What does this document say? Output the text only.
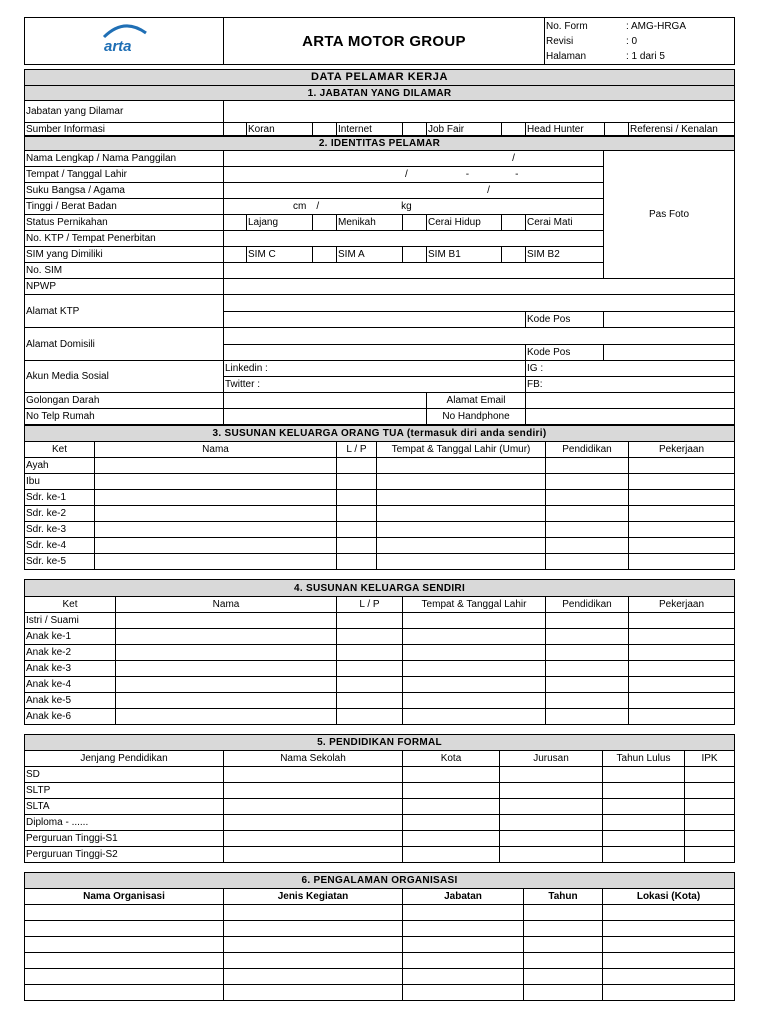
arta	ARTA MOTOR GROUP	
No. Form	: AMG-HRGA
Revisi	: 0
Halaman	: 1 dari 5
DATA PELAMAR KERJA										
1. JABATAN YANG DILAMAR										
Jabatan yang Dilamar										
Sumber Informasi		Koran		Internet		Job Fair		Head Hunter		Referensi / Kenalan
2. IDENTITAS PELAMAR									
Nama Lengkap / Nama Panggilan	/								Pas Foto
Tempat / Tanggal Lahir	/ - -								
Suku Bangsa / Agama	/								
Tinggi / Berat Badan	cm / kg								
Status Pernikahan		Lajang		Menikah		Cerai Hidup		Cerai Mati	
No. KTP / Tempat Penerbitan									
SIM yang Dimiliki		SIM C		SIM A		SIM B1		SIM B2	
No. SIM									
NPWP									
Alamat KTP									
								Kode Pos	
Alamat Domisili									
								Kode Pos	
Akun Media Sosial	Linkedin :							IG :	
	Twitter :							FB:	
Golongan Darah						Alamat Email			
No Telp Rumah						No Handphone			
3. SUSUNAN KELUARGA ORANG TUA (termasuk diri anda sendiri)					
Ket	Nama	L / P	Tempat & Tanggal Lahir (Umur)	Pendidikan	Pekerjaan
Ayah					
Ibu					
Sdr. ke-1					
Sdr. ke-2					
Sdr. ke-3					
Sdr. ke-4					
Sdr. ke-5					
4. SUSUNAN KELUARGA SENDIRI					
Ket	Nama	L / P	Tempat & Tanggal Lahir	Pendidikan	Pekerjaan
Istri / Suami					
Anak ke-1					
Anak ke-2					
Anak ke-3					
Anak ke-4					
Anak ke-5					
Anak ke-6					
5. PENDIDIKAN FORMAL					
Jenjang Pendidikan	Nama Sekolah	Kota	Jurusan	Tahun Lulus	IPK
SD					
SLTP					
SLTA					
Diploma - ......					
Perguruan Tinggi-S1					
Perguruan Tinggi-S2					
6. PENGALAMAN ORGANISASI				
Nama Organisasi	Jenis Kegiatan	Jabatan	Tahun	Lokasi (Kota)
